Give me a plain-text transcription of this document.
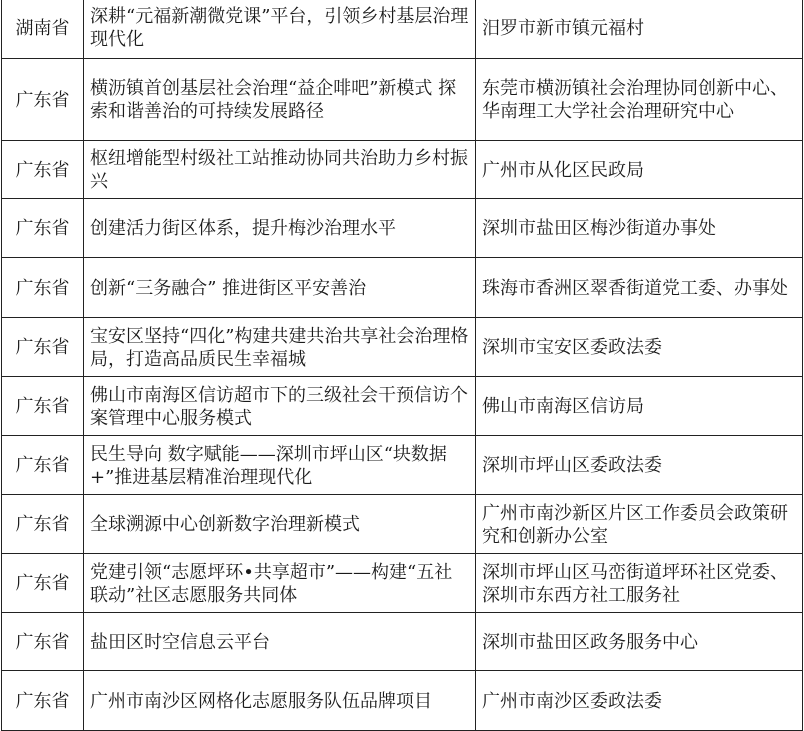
湖南省	深耕“元福新潮微党课”平台，引领乡村基层治理现代化	汨罗市新市镇元福村
广东省	横沥镇首创基层社会治理“益企啡吧”新模式 探索和谐善治的可持续发展路径	东莞市横沥镇社会治理协同创新中心、华南理工大学社会治理研究中心
广东省	枢纽增能型村级社工站推动协同共治助力乡村振兴	广州市从化区民政局
广东省	创建活力街区体系，提升梅沙治理水平	深圳市盐田区梅沙街道办事处
广东省	创新“三务融合” 推进街区平安善治	珠海市香洲区翠香街道党工委、办事处
广东省	宝安区坚持“四化”构建共建共治共享社会治理格局，打造高品质民生幸福城	深圳市宝安区委政法委
广东省	佛山市南海区信访超市下的三级社会干预信访个案管理中心服务模式	佛山市南海区信访局
广东省	民生导向 数字赋能——深圳市坪山区“块数据+”推进基层精准治理现代化	深圳市坪山区委政法委
广东省	全球溯源中心创新数字治理新模式	广州市南沙新区片区工作委员会政策研究和创新办公室
广东省	党建引领“志愿坪环•共享超市”——构建“五社联动”社区志愿服务共同体	深圳市坪山区马峦街道坪环社区党委、深圳市东西方社工服务社
广东省	盐田区时空信息云平台	深圳市盐田区政务服务中心
广东省	广州市南沙区网格化志愿服务队伍品牌项目	广州市南沙区委政法委
